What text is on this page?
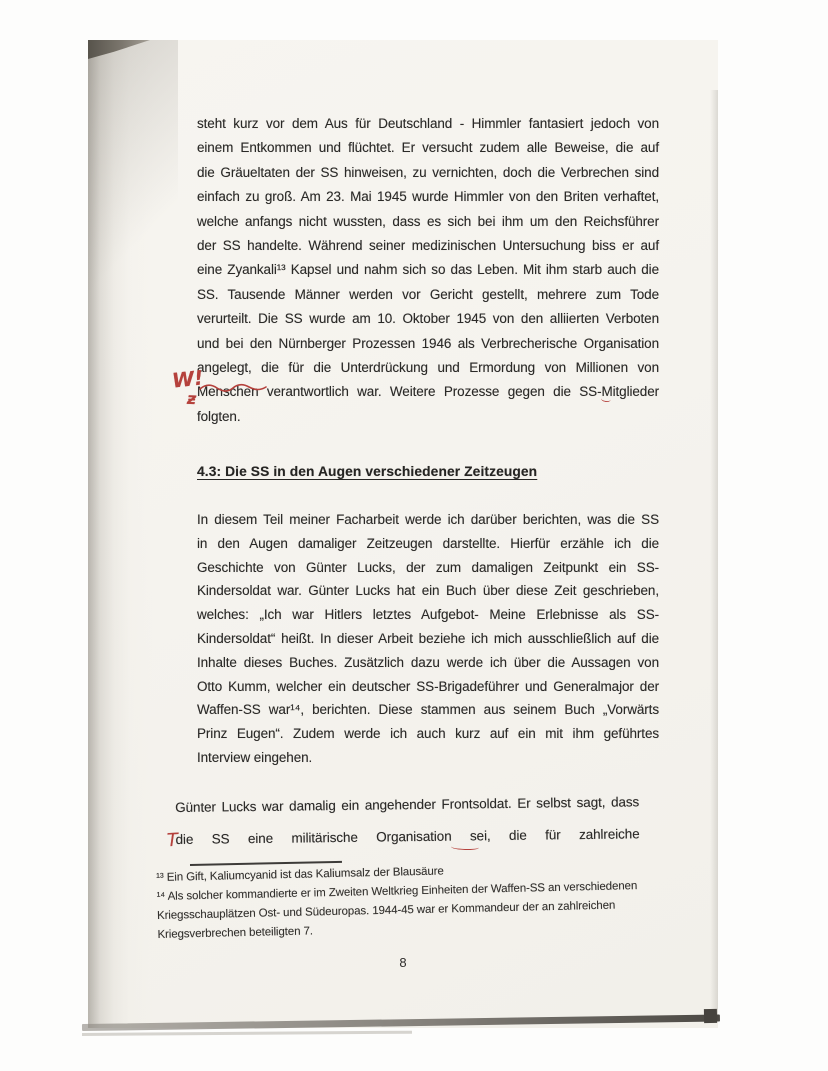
steht kurz vor dem Aus für Deutschland - Himmler fantasiert jedoch von
einem Entkommen und flüchtet. Er versucht zudem alle Beweise, die auf
die Gräueltaten der SS hinweisen, zu vernichten, doch die Verbrechen sind
einfach zu groß. Am 23. Mai 1945 wurde Himmler von den Briten verhaftet,
welche anfangs nicht wussten, dass es sich bei ihm um den Reichsführer
der SS handelte. Während seiner medizinischen Untersuchung biss er auf
eine Zyankali¹³ Kapsel und nahm sich so das Leben. Mit ihm starb auch die
SS. Tausende Männer werden vor Gericht gestellt, mehrere zum Tode
verurteilt. Die SS wurde am 10. Oktober 1945 von den alliierten Verboten
und bei den Nürnberger Prozessen 1946 als Verbrecherische Organisation
angelegt, die für die Unterdrückung und Ermordung von Millionen von
Menschen verantwortlich war. Weitere Prozesse gegen die SS-Mitglieder
folgten.
4.3: Die SS in den Augen verschiedener Zeitzeugen
In diesem Teil meiner Facharbeit werde ich darüber berichten, was die SS
in den Augen damaliger Zeitzeugen darstellte. Hierfür erzähle ich die
Geschichte von Günter Lucks, der zum damaligen Zeitpunkt ein SS-
Kindersoldat war. Günter Lucks hat ein Buch über diese Zeit geschrieben,
welches: „Ich war Hitlers letztes Aufgebot- Meine Erlebnisse als SS-
Kindersoldat“ heißt. In dieser Arbeit beziehe ich mich ausschließlich auf die
Inhalte dieses Buches. Zusätzlich dazu werde ich über die Aussagen von
Otto Kumm, welcher ein deutscher SS-Brigadeführer und Generalmajor der
Waffen-SS war¹⁴, berichten. Diese stammen aus seinem Buch „Vorwärts
Prinz Eugen“. Zudem werde ich auch kurz auf ein mit ihm geführtes
Interview eingehen.
Günter Lucks war damalig ein angehender Frontsoldat. Er selbst sagt, dass
die SS eine militärische Organisation sei, die für zahlreiche
¹³ Ein Gift, Kaliumcyanid ist das Kaliumsalz der Blausäure
¹⁴ Als solcher kommandierte er im Zweiten Weltkrieg Einheiten der Waffen-SS an verschiedenen
Kriegsschauplätzen Ost- und Südeuropas. 1944-45 war er Kommandeur der an zahlreichen
Kriegsverbrechen beteiligten 7.
8
W!
ƶ
T
